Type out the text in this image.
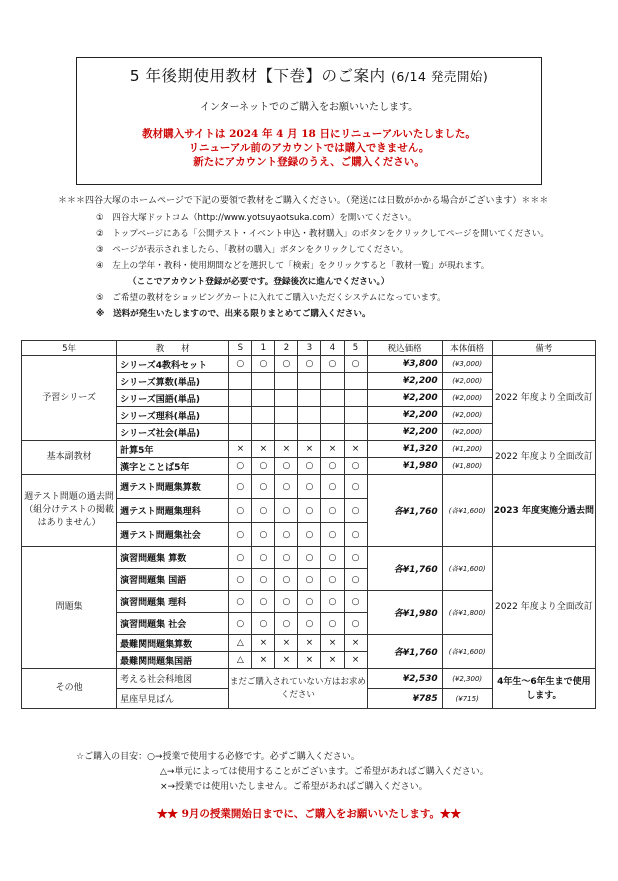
5 年後期使用教材【下巻】のご案内 (6/14 発売開始)
インターネットでのご購入をお願いいたします。
教材購入サイトは 2024 年 4 月 18 日にリニューアルいたしました。
リニューアル前のアカウントでは購入できません。
新たにアカウント登録のうえ、ご購入ください。
＊＊＊四谷大塚のホームページで下記の要領で教材をご購入ください。（発送には日数がかかる場合がございます）＊＊＊
①　四谷大塚ドットコム（http://www.yotsuyaotsuka.com）を開いてください。
②　トップページにある「公開テスト・イベント申込・教材購入」のボタンをクリックしてページを開いてください。
③　ページが表示されましたら、「教材の購入」ボタンをクリックしてください。
④　左上の学年・教科・使用期間などを選択して「検索」をクリックすると「教材一覧」が現れます。
（ここでアカウント登録が必要です。登録後次に進んでください。）
⑤　ご希望の教材をショッピングカートに入れてご購入いただくシステムになっています。
※　送料が発生いたしますので、出来る限りまとめてご購入ください。
5年	教　　材	S	1	2	3	4	5	税込価格	本体価格	備考
予習シリーズ	シリーズ4教科セット	○	○	○	○	○	○	¥3,800	(¥3,000)	2022 年度より全面改訂
	シリーズ算数(単品)							¥2,200	(¥2,000)	
	シリーズ国語(単品)							¥2,200	(¥2,000)	
	シリーズ理科(単品)							¥2,200	(¥2,000)	
	シリーズ社会(単品)							¥2,200	(¥2,000)	
基本副教材	計算5年	×	×	×	×	×	×	¥1,320	(¥1,200)	2022 年度より全面改訂
	漢字とことば5年	○	○	○	○	○	○	¥1,980	(¥1,800)	
週テスト問題の過去問（組分けテストの掲載はありません）	週テスト問題集算数	○	○	○	○	○	○	各¥1,760	(各¥1,600)	2023 年度実施分過去問
	週テスト問題集理科	○	○	○	○	○	○			
	週テスト問題集社会	○	○	○	○	○	○			
問題集	演習問題集 算数	○	○	○	○	○	○	各¥1,760	(各¥1,600)	2022 年度より全面改訂
	演習問題集 国語	○	○	○	○	○	○			
	演習問題集 理科	○	○	○	○	○	○	各¥1,980	(各¥1,800)	
	演習問題集 社会	○	○	○	○	○	○			
	最難関問題集算数	△	×	×	×	×	×	各¥1,760	(各¥1,600)	
	最難関問題集国語	△	×	×	×	×	×			
その他	考える社会科地図	まだご購入されていない方はお求めください						¥2,530	(¥2,300)	4年生～6年生まで使用します。
	星座早見ばん							¥785	(¥715)	
☆ご購入の目安：○→授業で使用する必修です。必ずご購入ください。
△→単元によっては使用することがございます。ご希望があればご購入ください。
×→授業では使用いたしません。ご希望があればご購入ください。
★★ 9月の授業開始日までに、ご購入をお願いいたします。★★
